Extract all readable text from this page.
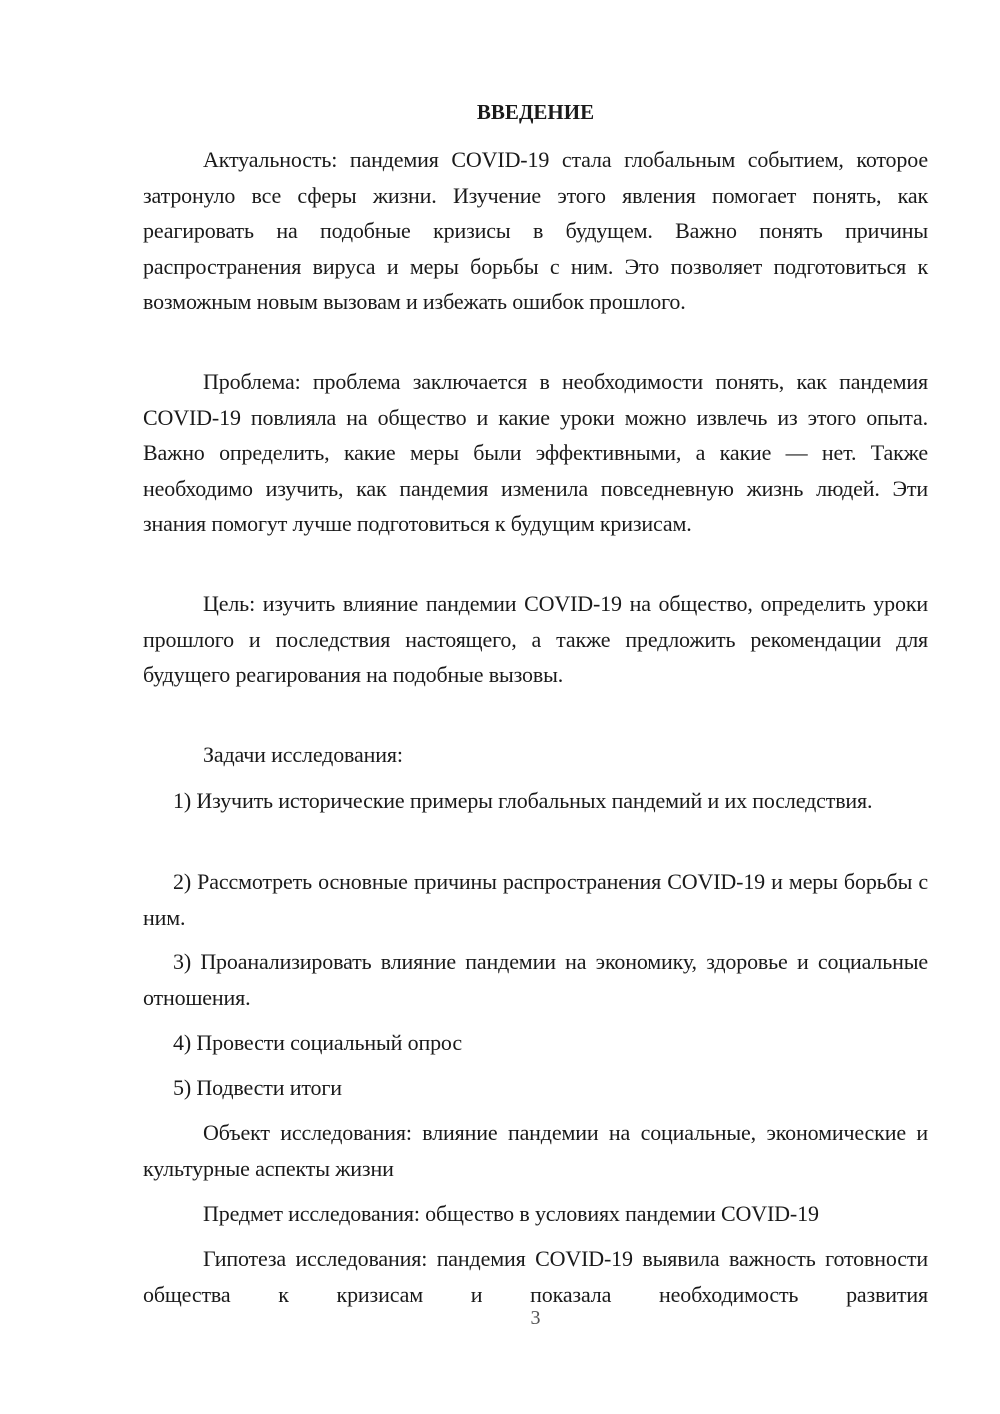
ВВЕДЕНИЕ

Актуальность: пандемия COVID-19 стала глобальным событием, которое затронуло все сферы жизни. Изучение этого явления помогает понять, как реагировать на подобные кризисы в будущем. Важно понять причины распространения вируса и меры борьбы с ним. Это позволяет подготовиться к возможным новым вызовам и избежать ошибок прошлого.

Проблема: проблема заключается в необходимости понять, как пандемия COVID-19 повлияла на общество и какие уроки можно извлечь из этого опыта. Важно определить, какие меры были эффективными, а какие — нет. Также необходимо изучить, как пандемия изменила повседневную жизнь людей. Эти знания помогут лучше подготовиться к будущим кризисам.

Цель: изучить влияние пандемии COVID-19 на общество, определить уроки прошлого и последствия настоящего, а также предложить рекомендации для будущего реагирования на подобные вызовы.

Задачи исследования:

1) Изучить исторические примеры глобальных пандемий и их последствия.

2) Рассмотреть основные причины распространения COVID-19 и меры борьбы с ним.

3) Проанализировать влияние пандемии на экономику, здоровье и социальные отношения.

4) Провести социальный опрос

5) Подвести итоги

Объект исследования: влияние пандемии на социальные, экономические и культурные аспекты жизни

Предмет исследования: общество в условиях пандемии COVID-19

Гипотеза исследования: пандемия COVID-19 выявила важность готовности общества к кризисам и показала необходимость развития

3
